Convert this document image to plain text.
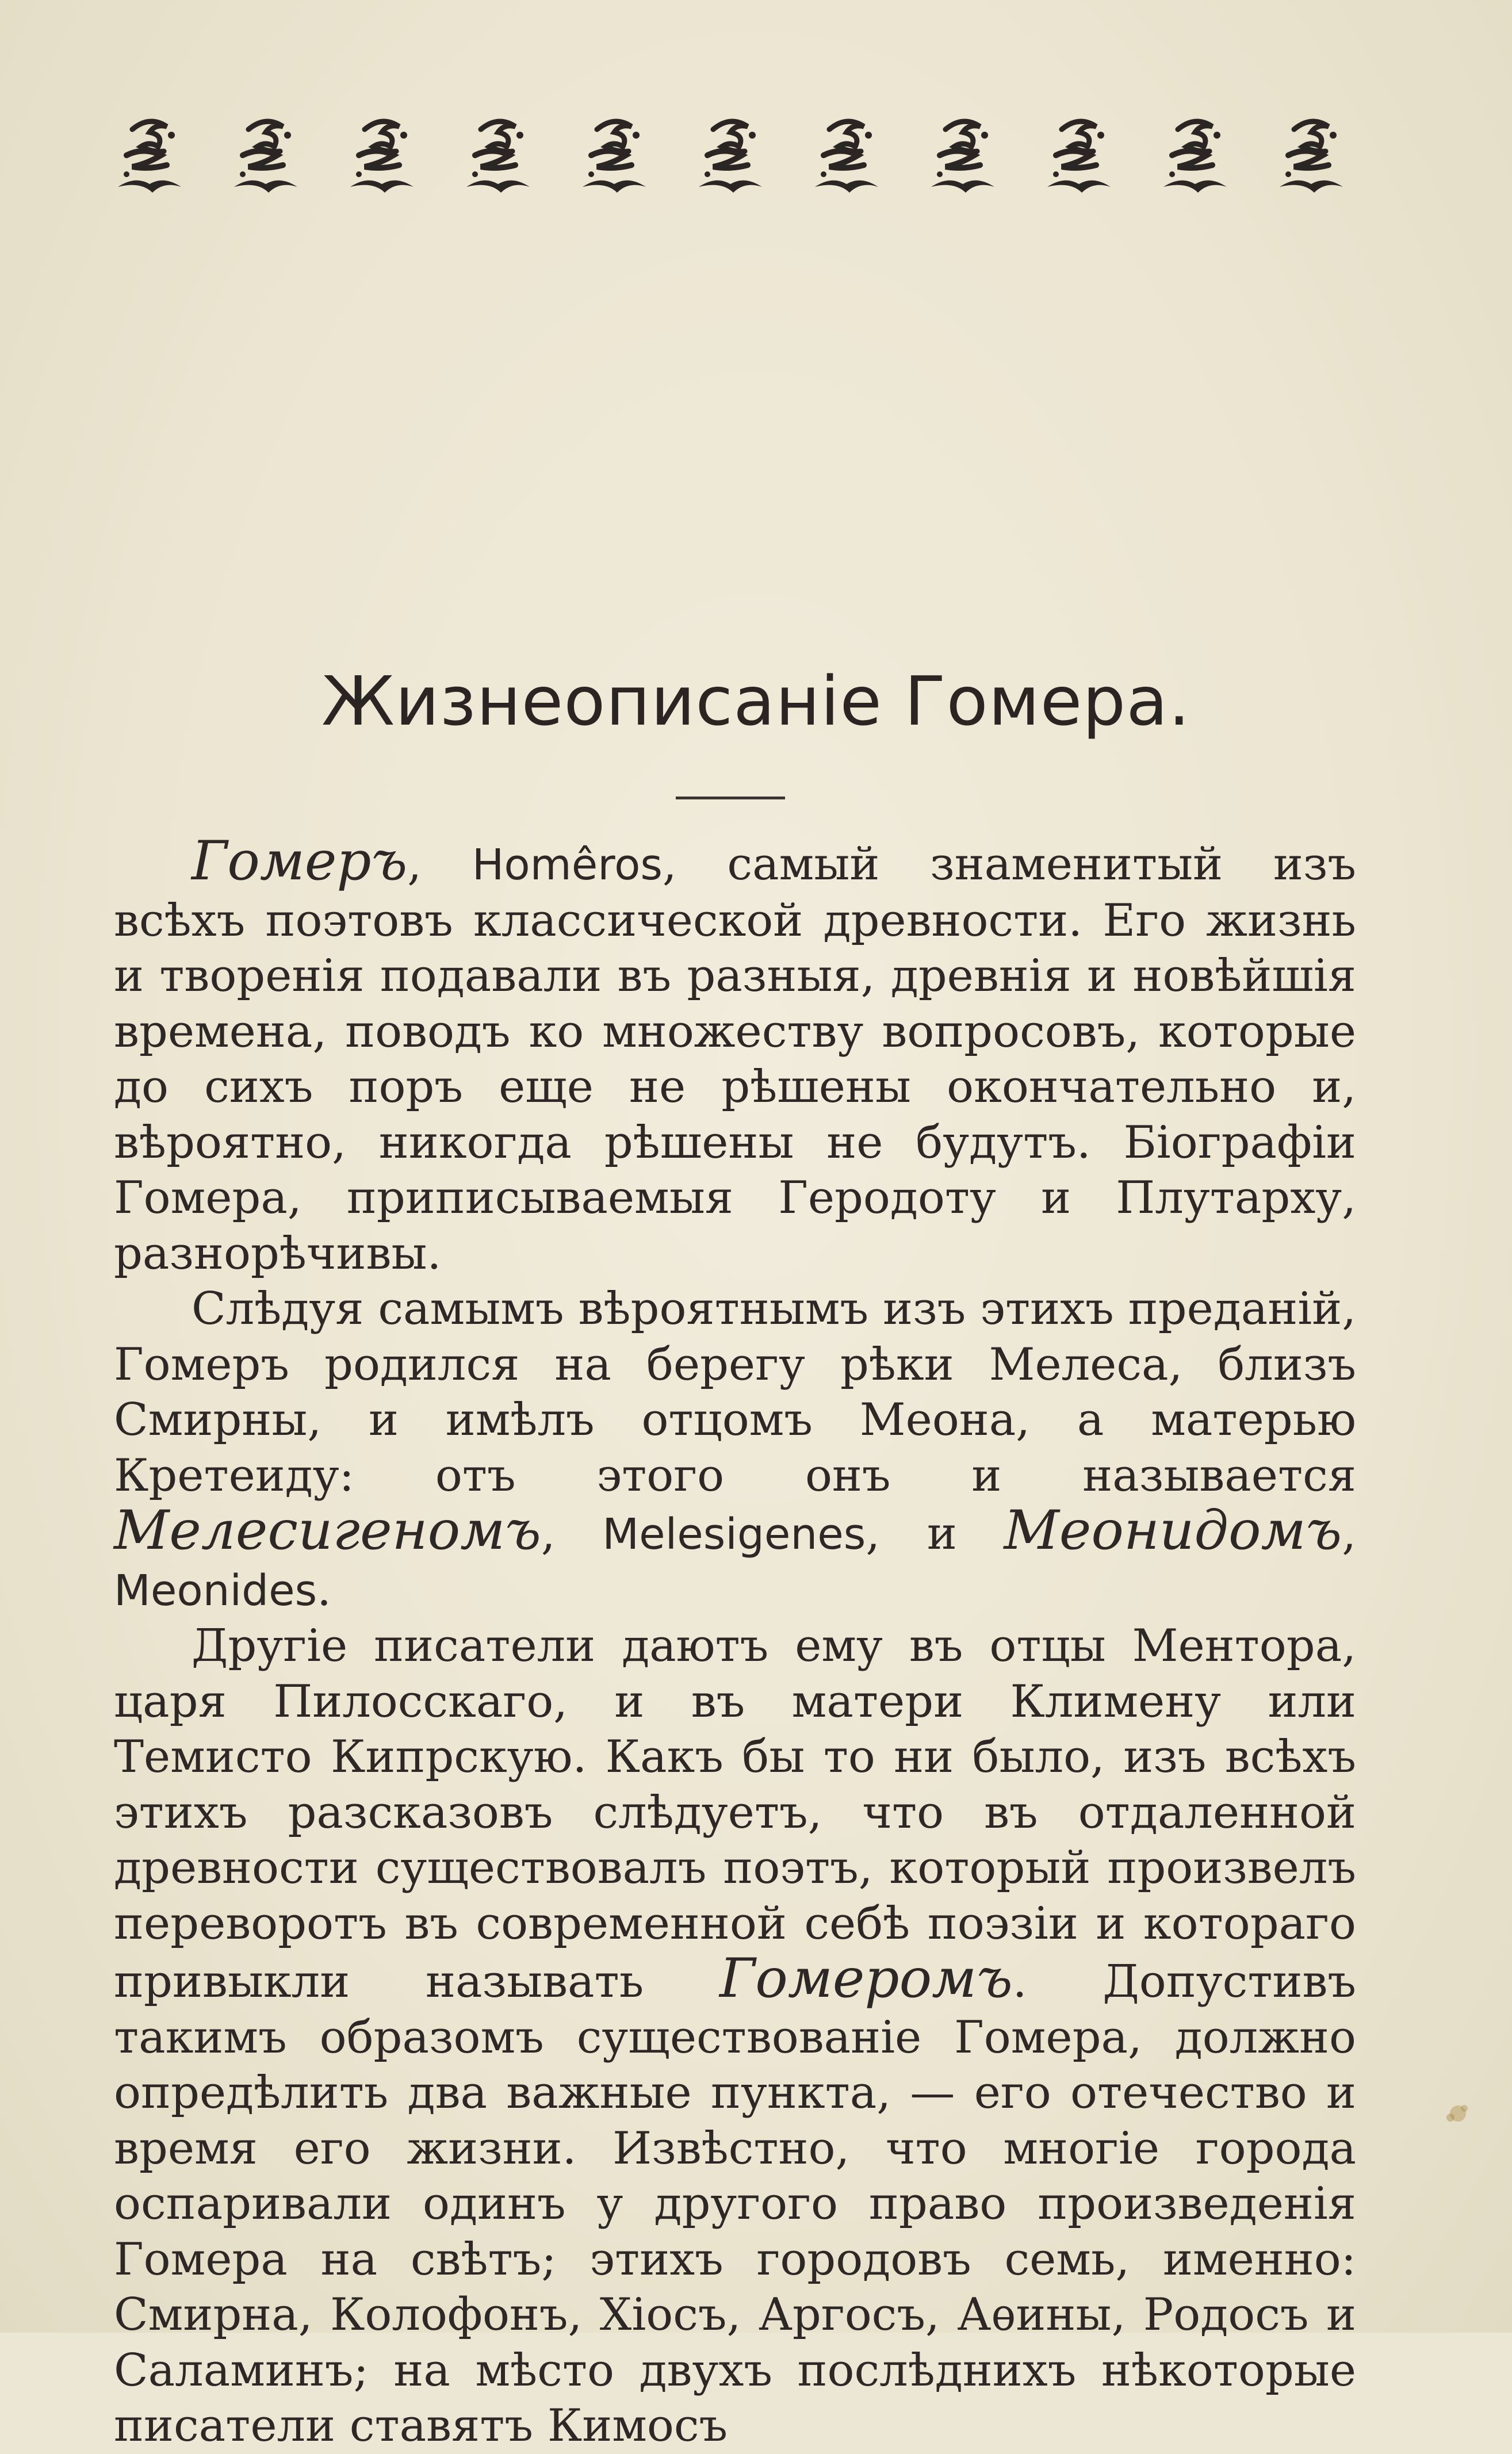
Жизнеописаніе Гомера.

Гомеръ, Homêros, самый знаменитый изъ всѣхъ поэтовъ классической древности. Его жизнь и творенія подавали въ разныя, древнія и новѣйшія времена, поводъ ко множеству вопросовъ, которые до сихъ поръ еще не рѣшены окончательно и, вѣроятно, никогда рѣшены не будутъ. Біографіи Гомера, приписываемыя Геродоту и Плутарху, разнорѣчивы.

Слѣдуя самымъ вѣроятнымъ изъ этихъ преданій, Гомеръ родился на берегу рѣки Мелеса, близъ Смирны, и имѣлъ отцомъ Меона, а матерью Кретеиду: отъ этого онъ и называется Мелесигеномъ, Melesigenes, и Меонидомъ, Meonides.

Другіе писатели даютъ ему въ отцы Ментора, царя Пилосскаго, и въ матери Климену или Темисто Кипрскую. Какъ бы то ни было, изъ всѣхъ этихъ разсказовъ слѣдуетъ, что въ отдаленной древности существовалъ поэтъ, который произвелъ переворотъ въ современной себѣ поэзіи и котораго привыкли называть Гомеромъ. Допустивъ такимъ образомъ существованіе Гомера, должно опредѣлить два важные пункта, — его отечество и время его жизни. Извѣстно, что многіе города оспаривали одинъ у другого право произведенія Гомера на свѣтъ; этихъ городовъ семь, именно: Смирна, Колофонъ, Хіосъ, Аргосъ, Аѳины, Родосъ и Саламинъ; на мѣсто двухъ послѣднихъ нѣкоторые писатели ставятъ Кимосъ
